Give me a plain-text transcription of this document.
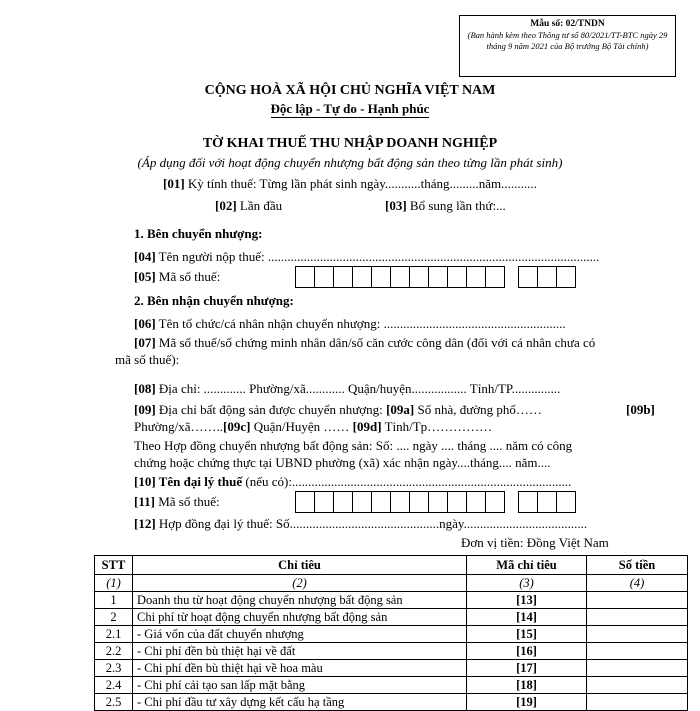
Mẫu số: 02/TNDN
(Ban hành kèm theo Thông tư số 80/2021/TT-BTC ngày 29 tháng 9 năm 2021 của Bộ trưởng Bộ Tài chính)
CỘNG HOÀ XÃ HỘI CHỦ NGHĨA VIỆT NAM
Độc lập - Tự do - Hạnh phúc
TỜ KHAI THUẾ THU NHẬP DOANH NGHIỆP
(Áp dụng đối với hoạt động chuyển nhượng bất động sản theo từng lần phát sinh)
[01] Kỳ tính thuế: Từng lần phát sinh ngày...........tháng.........năm...........
[02] Lần đầu	[03] Bổ sung lần thứ:...
1. Bên chuyển nhượng:
[04] Tên người nộp thuế: ......................................................................................................
[05] Mã số thuế:
2. Bên nhận chuyển nhượng:
[06] Tên tổ chức/cá nhân nhận chuyển nhượng: ........................................................
[07] Mã số thuế/số chứng minh nhân dân/số căn cước công dân (đối với cá nhân chưa có
mã số thuế):
[08] Địa chỉ: ............. Phường/xã............ Quận/huyện................. Tỉnh/TP...............
[09] Địa chỉ bất động sản được chuyển nhượng: [09a] Số nhà, đường phố……	[09b]
Phường/xã……..[09c] Quận/Huyện …… [09d] Tỉnh/Tp……………
Theo Hợp đồng chuyển nhượng bất động sản: Số: .... ngày .... tháng .... năm có công
chứng hoặc chứng thực tại UBND phường (xã) xác nhận ngày....tháng.... năm....
[10] Tên đại lý thuế (nếu có):......................................................................................
[11] Mã số thuế:
[12] Hợp đồng đại lý thuế: Số..............................................ngày......................................
Đơn vị tiền: Đồng Việt Nam
STT	Chỉ tiêu	Mã chỉ tiêu	Số tiền
(1)	(2)	(3)	(4)
1	Doanh thu từ hoạt động chuyển nhượng bất động sản	[13]	
2	Chi phí từ hoạt động chuyển nhượng bất động sản	[14]	
2.1	- Giá vốn của đất chuyển nhượng	[15]	
2.2	- Chi phí đền bù thiệt hại về đất	[16]	
2.3	- Chi phí đền bù thiệt hại về hoa màu	[17]	
2.4	- Chi phí cải tạo san lấp mặt bằng	[18]	
2.5	- Chi phí đầu tư xây dựng kết cấu hạ tầng	[19]	
